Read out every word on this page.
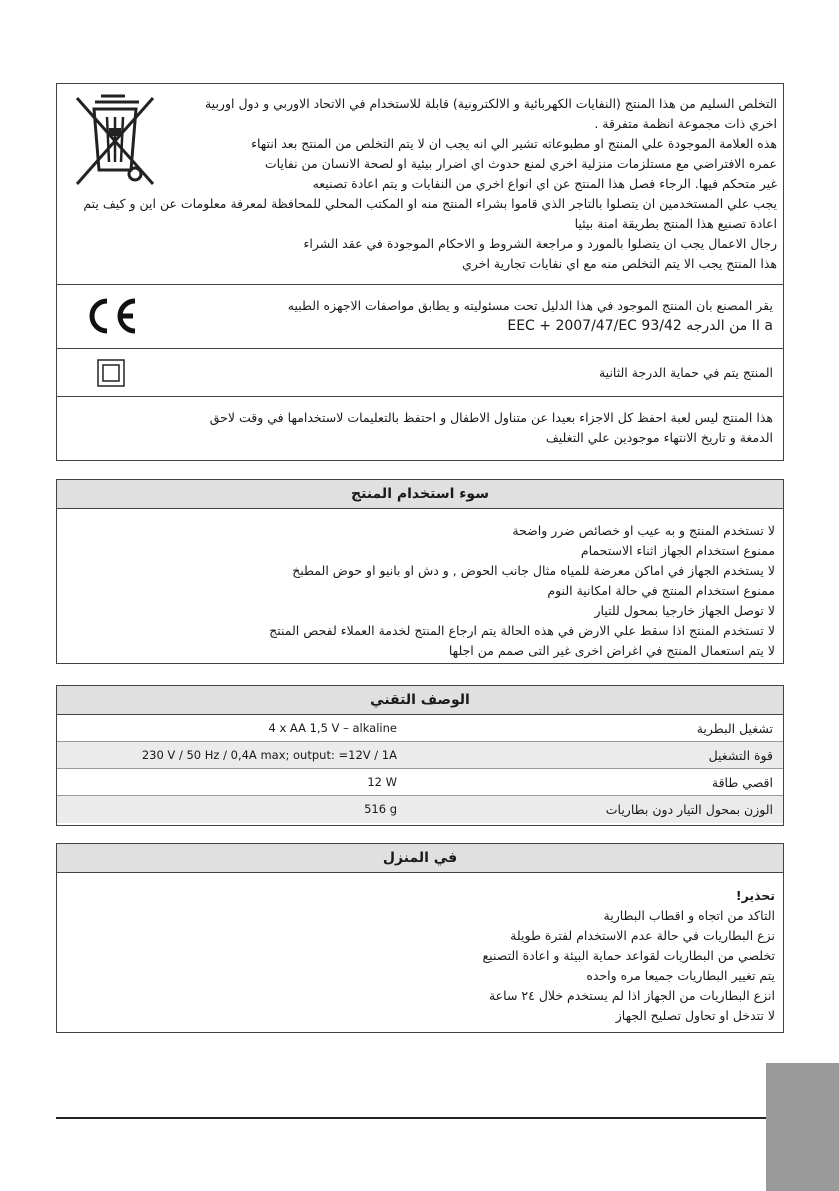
التخلص السليم من هذا المنتج (النفايات الكهربائية و الالكترونية) قابلة للاستخدام في الاتحاد الاوربي و دول اوربية
اخري ذات مجموعة انظمة متفرقة .
هذه العلامة الموجودة علي المنتج او مطبوعاته تشير الي انه يجب ان لا يتم التخلص من المنتج بعد انتهاء
عمره الافتراضي مع مستلزمات منزلية اخري لمنع حدوث اي اضرار بيئية او لصحة الانسان من نفايات
غير متحكم فيها. الرجاء فصل هذا المنتج عن اي انواع اخري من النفايات و يتم اعادة تصنيعه
يجب علي المستخدمين ان يتصلوا بالتاجر الذي قاموا بشراء المنتج منه او المكتب المحلي للمحافظة لمعرفة معلومات عن اين و كيف يتم
اعادة تصنيع هذا المنتج بطريقة امنة بيئيا
رجال الاعمال يجب ان يتصلوا بالمورد و مراجعة الشروط و الاحكام الموجودة في عقد الشراء
هذا المنتج يجب الا يتم التخلص منه مع اي نفايات تجارية اخري
يقر المصنع بان المنتج الموجود في هذا الدليل تحت مسئوليته و يطابق مواصفات الاجهزه الطبيه
II a من الدرجه 93/42 EEC + 2007/47/EC
المنتج يتم في حماية الدرجة الثانية
هذا المنتج ليس لعبة احفظ كل الاجزاء بعيدا عن متناول الاطفال و احتفظ بالتعليمات لاستخدامها في وقت لاحق
الدمغة و تاريخ الانتهاء موجودين علي التغليف
سوء استخدام المنتج
لا تستخدم المنتج و به عيب او خصائص ضرر واضحة
ممنوع استخدام الجهاز اثناء الاستحمام
لا يستخدم الجهاز في اماكن معرضة للمياه مثال جانب الحوض , و دش او بانيو او حوض المطبخ
ممنوع استخدام المنتج في حالة امكانية النوم
لا توصل الجهاز خارجيا بمحول للتيار
لا تستخدم المنتج اذا سقط علي الارض في هذه الحالة يتم ارجاع المنتج لخدمة العملاء لفحص المنتج
لا يتم استعمال المنتج في اغراض اخرى غير التى صمم من اجلها
الوصف التقني
تشغيل البطرية
4 x AA 1,5 V – alkaline
قوة التشغيل
230 V / 50 Hz / 0,4A max; output: =12V / 1A
اقصي طاقة
12 W
الوزن بمحول التيار دون بطاريات
516 g
في المنزل
تحذير!
التاكد من اتجاه و اقطاب البطارية
نزع البطاريات في حالة عدم الاستخدام لفترة طويلة
تخلصي من البطاريات لقواعد حماية البيئة و اعادة التصنيع
يتم تغيير البطاريات جميعا مره واحده
انزع البطاريات من الجهاز اذا لم يستخدم خلال ٢٤ ساعة
لا تتدخل او تحاول تصليح الجهاز
